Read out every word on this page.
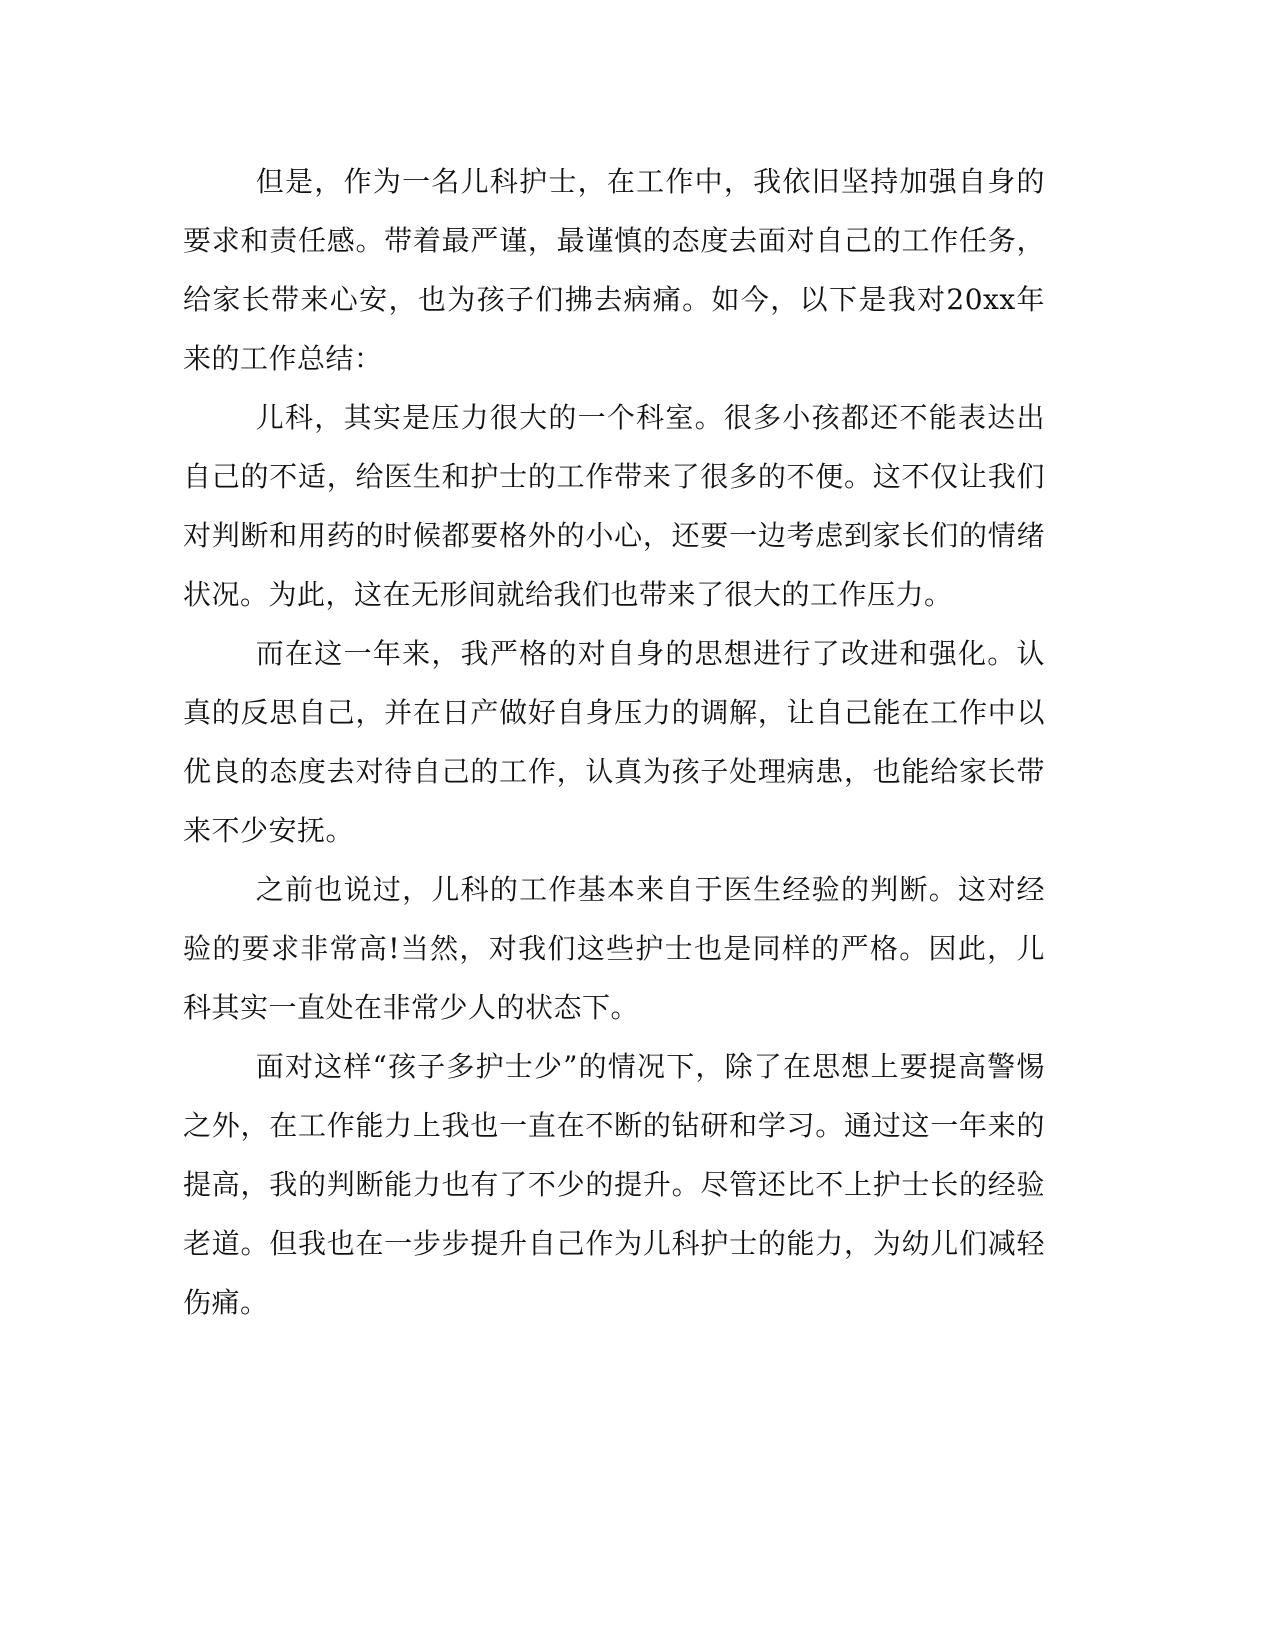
但是，作为一名儿科护士，在工作中，我依旧坚持加强自身的要求和责任感。带着最严谨，最谨慎的态度去面对自己的工作任务，给家长带来心安，也为孩子们拂去病痛。如今，以下是我对20xx年来的工作总结：

儿科，其实是压力很大的一个科室。很多小孩都还不能表达出自己的不适，给医生和护士的工作带来了很多的不便。这不仅让我们对判断和用药的时候都要格外的小心，还要一边考虑到家长们的情绪状况。为此，这在无形间就给我们也带来了很大的工作压力。

而在这一年来，我严格的对自身的思想进行了改进和强化。认真的反思自己，并在日产做好自身压力的调解，让自己能在工作中以优良的态度去对待自己的工作，认真为孩子处理病患，也能给家长带来不少安抚。

之前也说过，儿科的工作基本来自于医生经验的判断。这对经验的要求非常高!当然，对我们这些护士也是同样的严格。因此，儿科其实一直处在非常少人的状态下。

面对这样“孩子多护士少”的情况下，除了在思想上要提高警惕之外，在工作能力上我也一直在不断的钻研和学习。通过这一年来的提高，我的判断能力也有了不少的提升。尽管还比不上护士长的经验老道。但我也在一步步提升自己作为儿科护士的能力，为幼儿们减轻伤痛。
